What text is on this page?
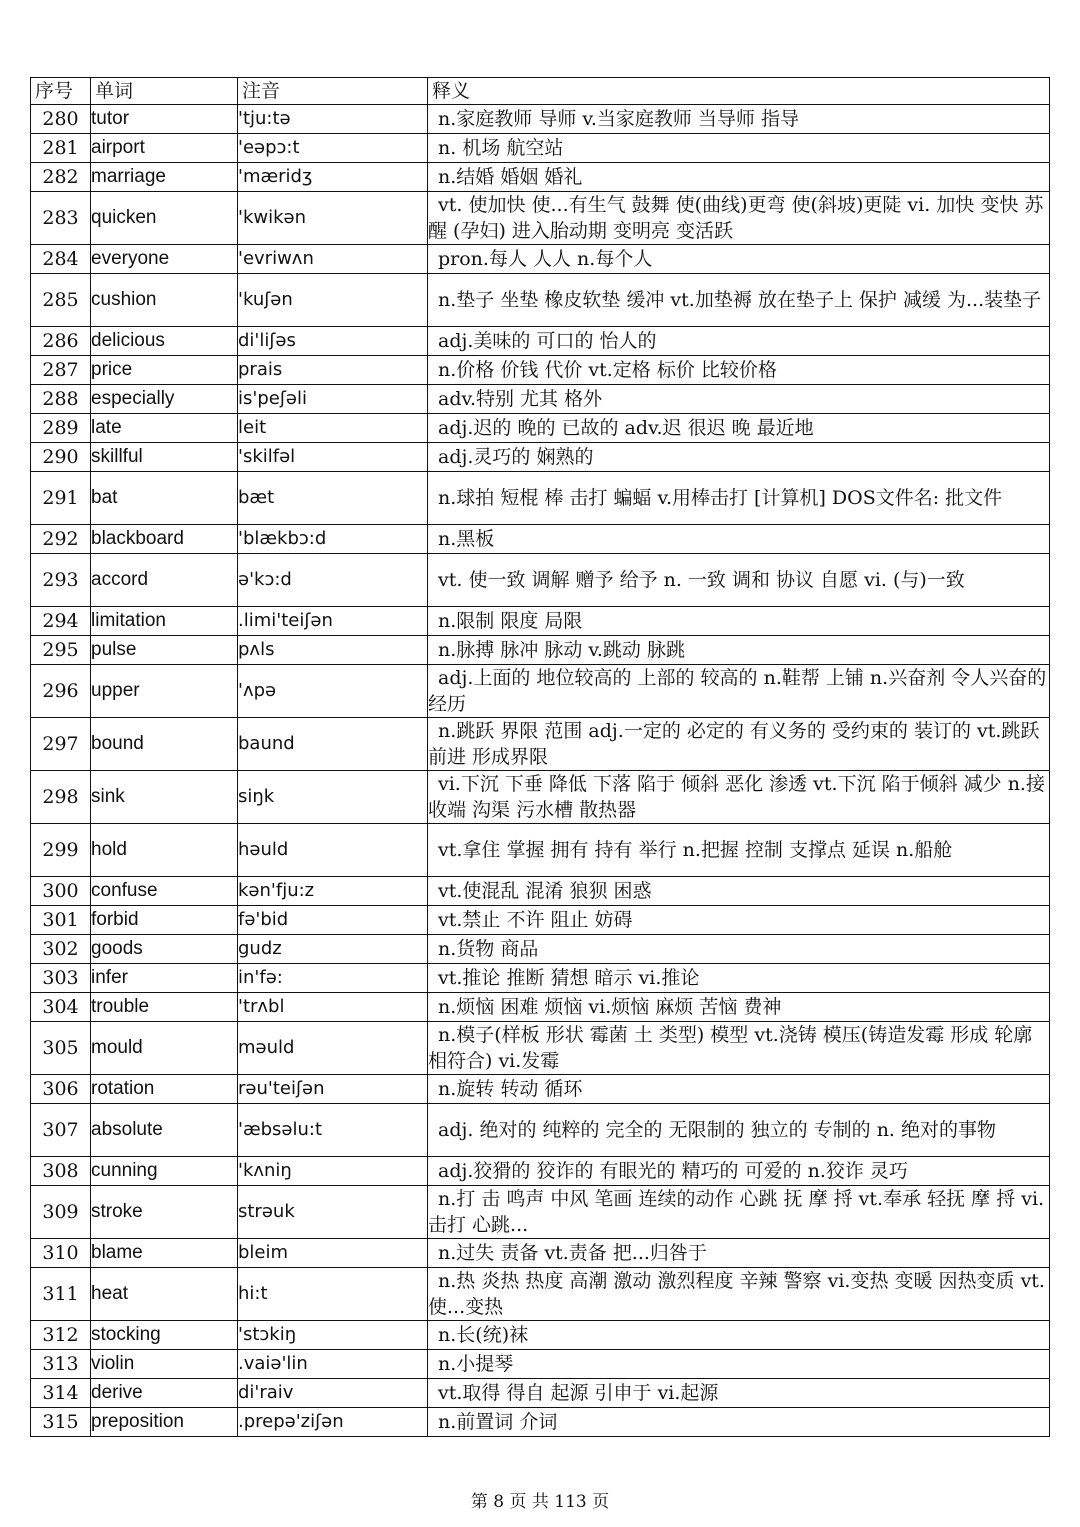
序号	单词	注音	释义
280	tutor	'tju:tə	n.家庭教师 导师 v.当家庭教师 当导师 指导
281	airport	'eəpɔ:t	n. 机场 航空站
282	marriage	'mæridʒ	n.结婚 婚姻 婚礼
283	quicken	'kwikən	vt. 使加快 使...有生气 鼓舞 使(曲线)更弯 使(斜坡)更陡 vi. 加快 变快 苏醒 (孕妇) 进入胎动期 变明亮 变活跃
284	everyone	'evriwʌn	pron.每人 人人 n.每个人
285	cushion	'kuʃən	n.垫子 坐垫 橡皮软垫 缓冲 vt.加垫褥 放在垫子上 保护 减缓 为...装垫子
286	delicious	di'liʃəs	adj.美味的 可口的 怡人的
287	price	prais	n.价格 价钱 代价 vt.定格 标价 比较价格
288	especially	is'peʃəli	adv.特别 尤其 格外
289	late	leit	adj.迟的 晚的 已故的 adv.迟 很迟 晚 最近地
290	skillful	'skilfəl	adj.灵巧的 娴熟的
291	bat	bæt	n.球拍 短棍 棒 击打 蝙蝠 v.用棒击打 [计算机] DOS文件名: 批文件
292	blackboard	'blækbɔ:d	n.黑板
293	accord	ə'kɔ:d	vt. 使一致 调解 赠予 给予 n. 一致 调和 协议 自愿 vi. (与)一致
294	limitation	.limi'teiʃən	n.限制 限度 局限
295	pulse	pʌls	n.脉搏 脉冲 脉动 v.跳动 脉跳
296	upper	'ʌpə	adj.上面的 地位较高的 上部的 较高的 n.鞋帮 上铺 n.兴奋剂 令人兴奋的经历
297	bound	baund	n.跳跃 界限 范围 adj.一定的 必定的 有义务的 受约束的 装订的 vt.跳跃前进 形成界限
298	sink	siŋk	vi.下沉 下垂 降低 下落 陷于 倾斜 恶化 渗透 vt.下沉 陷于倾斜 减少 n.接收端 沟渠 污水槽 散热器
299	hold	həuld	vt.拿住 掌握 拥有 持有 举行 n.把握 控制 支撑点 延误 n.船舱
300	confuse	kən'fju:z	vt.使混乱 混淆 狼狈 困惑
301	forbid	fə'bid	vt.禁止 不许 阻止 妨碍
302	goods	gudz	n.货物 商品
303	infer	in'fə:	vt.推论 推断 猜想 暗示 vi.推论
304	trouble	'trʌbl	n.烦恼 困难 烦恼 vi.烦恼 麻烦 苦恼 费神
305	mould	məuld	n.模子(样板 形状 霉菌 土 类型) 模型 vt.浇铸 模压(铸造发霉 形成 轮廓相符合) vi.发霉
306	rotation	rəu'teiʃən	n.旋转 转动 循环
307	absolute	'æbsəlu:t	adj. 绝对的 纯粹的 完全的 无限制的 独立的 专制的 n. 绝对的事物
308	cunning	'kʌniŋ	adj.狡猾的 狡诈的 有眼光的 精巧的 可爱的 n.狡诈 灵巧
309	stroke	strəuk	n.打 击 鸣声 中风 笔画 连续的动作 心跳 抚 摩 捋 vt.奉承 轻抚 摩 捋 vi.击打 心跳...
310	blame	bleim	n.过失 责备 vt.责备 把...归咎于
311	heat	hi:t	n.热 炎热 热度 高潮 激动 激烈程度 辛辣 警察 vi.变热 变暖 因热变质 vt.使...变热
312	stocking	'stɔkiŋ	n.长(统)袜
313	violin	.vaiə'lin	n.小提琴
314	derive	di'raiv	vt.取得 得自 起源 引申于 vi.起源
315	preposition	.prepə'ziʃən	n.前置词 介词
第 8 页 共 113 页
